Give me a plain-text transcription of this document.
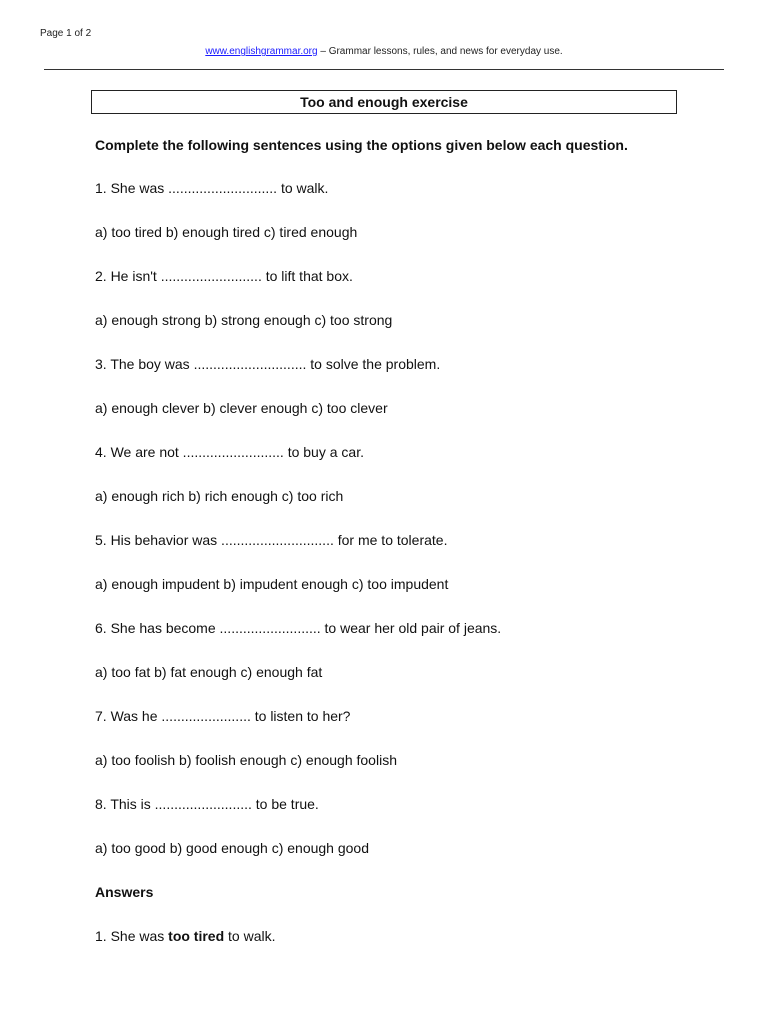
Page 1 of 2
www.englishgrammar.org – Grammar lessons, rules, and news for everyday use.
Too and enough exercise
Complete the following sentences using the options given below each question.
1. She was ............................ to walk.
a) too tired b) enough tired c) tired enough
2. He isn't .......................... to lift that box.
a) enough strong b) strong enough c) too strong
3. The boy was ............................. to solve the problem.
a) enough clever b) clever enough c) too clever
4. We are not .......................... to buy a car.
a) enough rich b) rich enough c) too rich
5. His behavior was ............................. for me to tolerate.
a) enough impudent b) impudent enough c) too impudent
6. She has become .......................... to wear her old pair of jeans.
a) too fat b) fat enough c) enough fat
7. Was he ....................... to listen to her?
a) too foolish b) foolish enough c) enough foolish
8. This is ......................... to be true.
a) too good b) good enough c) enough good
Answers
1. She was too tired to walk.
